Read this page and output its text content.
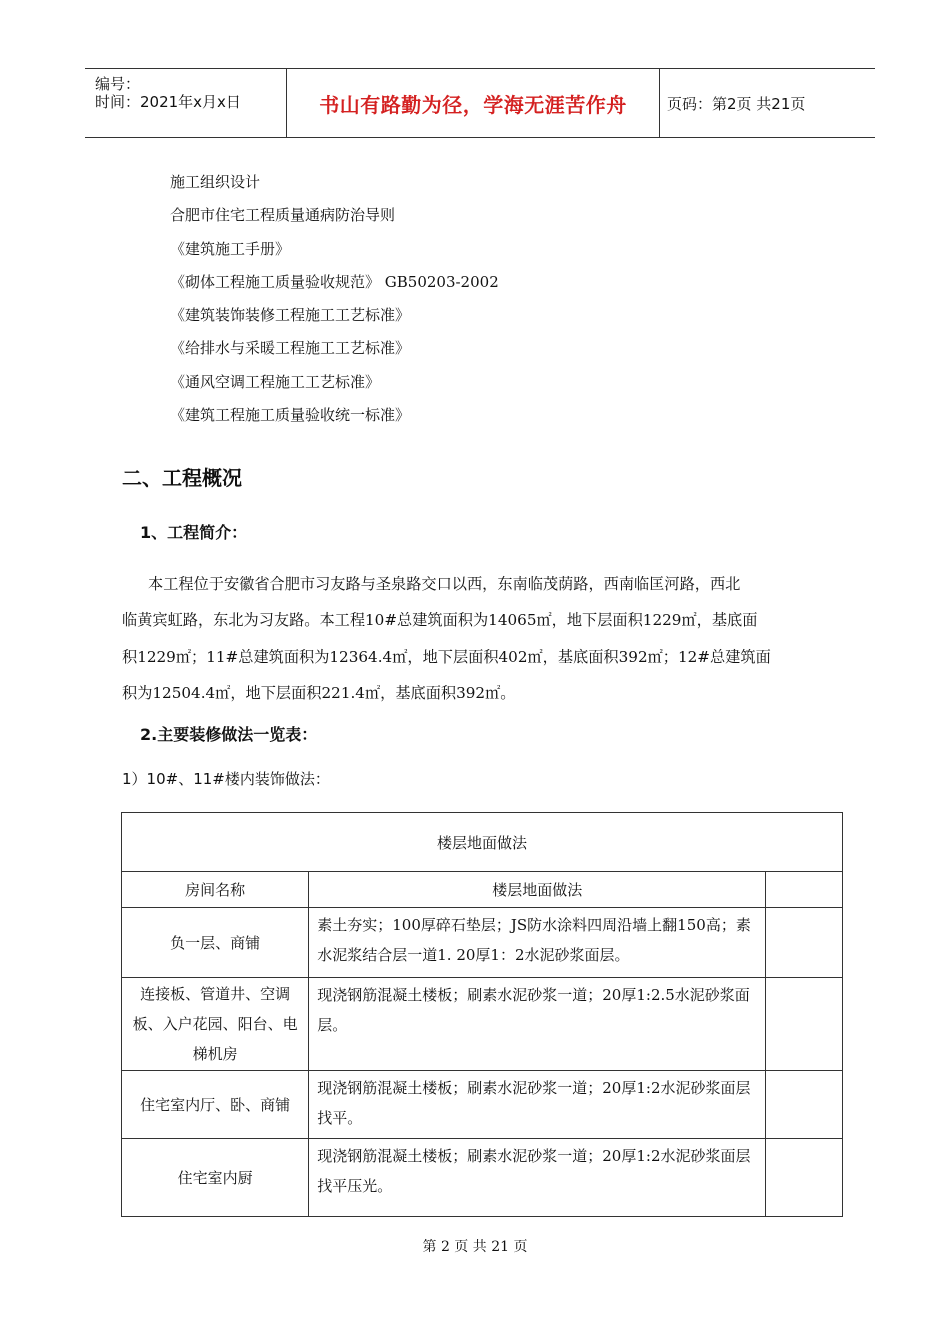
编号：
时间：2021年x月x日	书山有路勤为径，学海无涯苦作舟	页码：第2页 共21页
施工组织设计
合肥市住宅工程质量通病防治导则
《建筑施工手册》
《砌体工程施工质量验收规范》 GB50203-2002
《建筑装饰装修工程施工工艺标准》
《给排水与采暖工程施工工艺标准》
《通风空调工程施工工艺标准》
《建筑工程施工质量验收统一标准》
二、工程概况
1、工程简介：
本工程位于安徽省合肥市习友路与圣泉路交口以西，东南临茂荫路，西南临匡河路，西北
临黄宾虹路，东北为习友路。本工程10#总建筑面积为14065㎡，地下层面积1229㎡，基底面
积1229㎡；11#总建筑面积为12364.4㎡，地下层面积402㎡，基底面积392㎡；12#总建筑面
积为12504.4㎡，地下层面积221.4㎡，基底面积392㎡。
2.主要装修做法一览表：
1）10#、11#楼内装饰做法：
楼层地面做法		
房间名称	楼层地面做法	
负一层、商铺	素土夯实；100厚碎石垫层；JS防水涂料四周沿墙上翻150高；素水泥浆结合层一道1. 20厚1：2水泥砂浆面层。	
连接板、管道井、空调板、入户花园、阳台、电梯机房	现浇钢筋混凝土楼板；刷素水泥砂浆一道；20厚1:2.5水泥砂浆面层。	
住宅室内厅、卧、商铺	现浇钢筋混凝土楼板；刷素水泥砂浆一道；20厚1:2水泥砂浆面层找平。	
住宅室内厨	现浇钢筋混凝土楼板；刷素水泥砂浆一道；20厚1:2水泥砂浆面层找平压光。	
第 2 页 共 21 页
